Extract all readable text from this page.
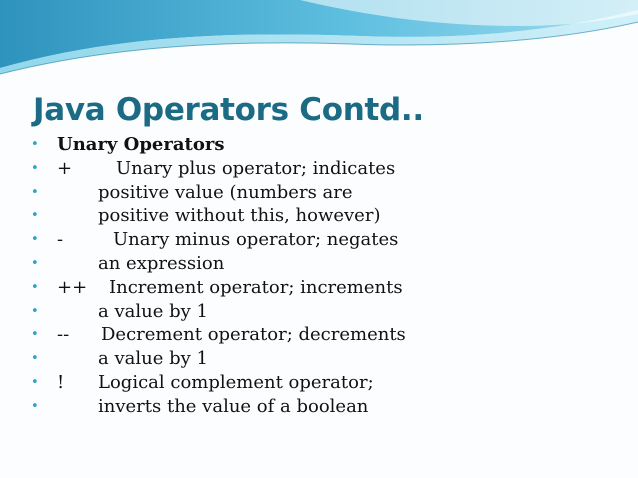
Java Operators Contd..
• Unary Operators
• + Unary plus operator; indicates
•	positive value (numbers are
•	positive without this, however)
• -	Unary minus operator; negates
•	an expression
• ++ Increment operator; increments
•	a value by 1
• -- Decrement operator; decrements
•	a value by 1
• ! Logical complement operator;
•	inverts the value of a boolean
